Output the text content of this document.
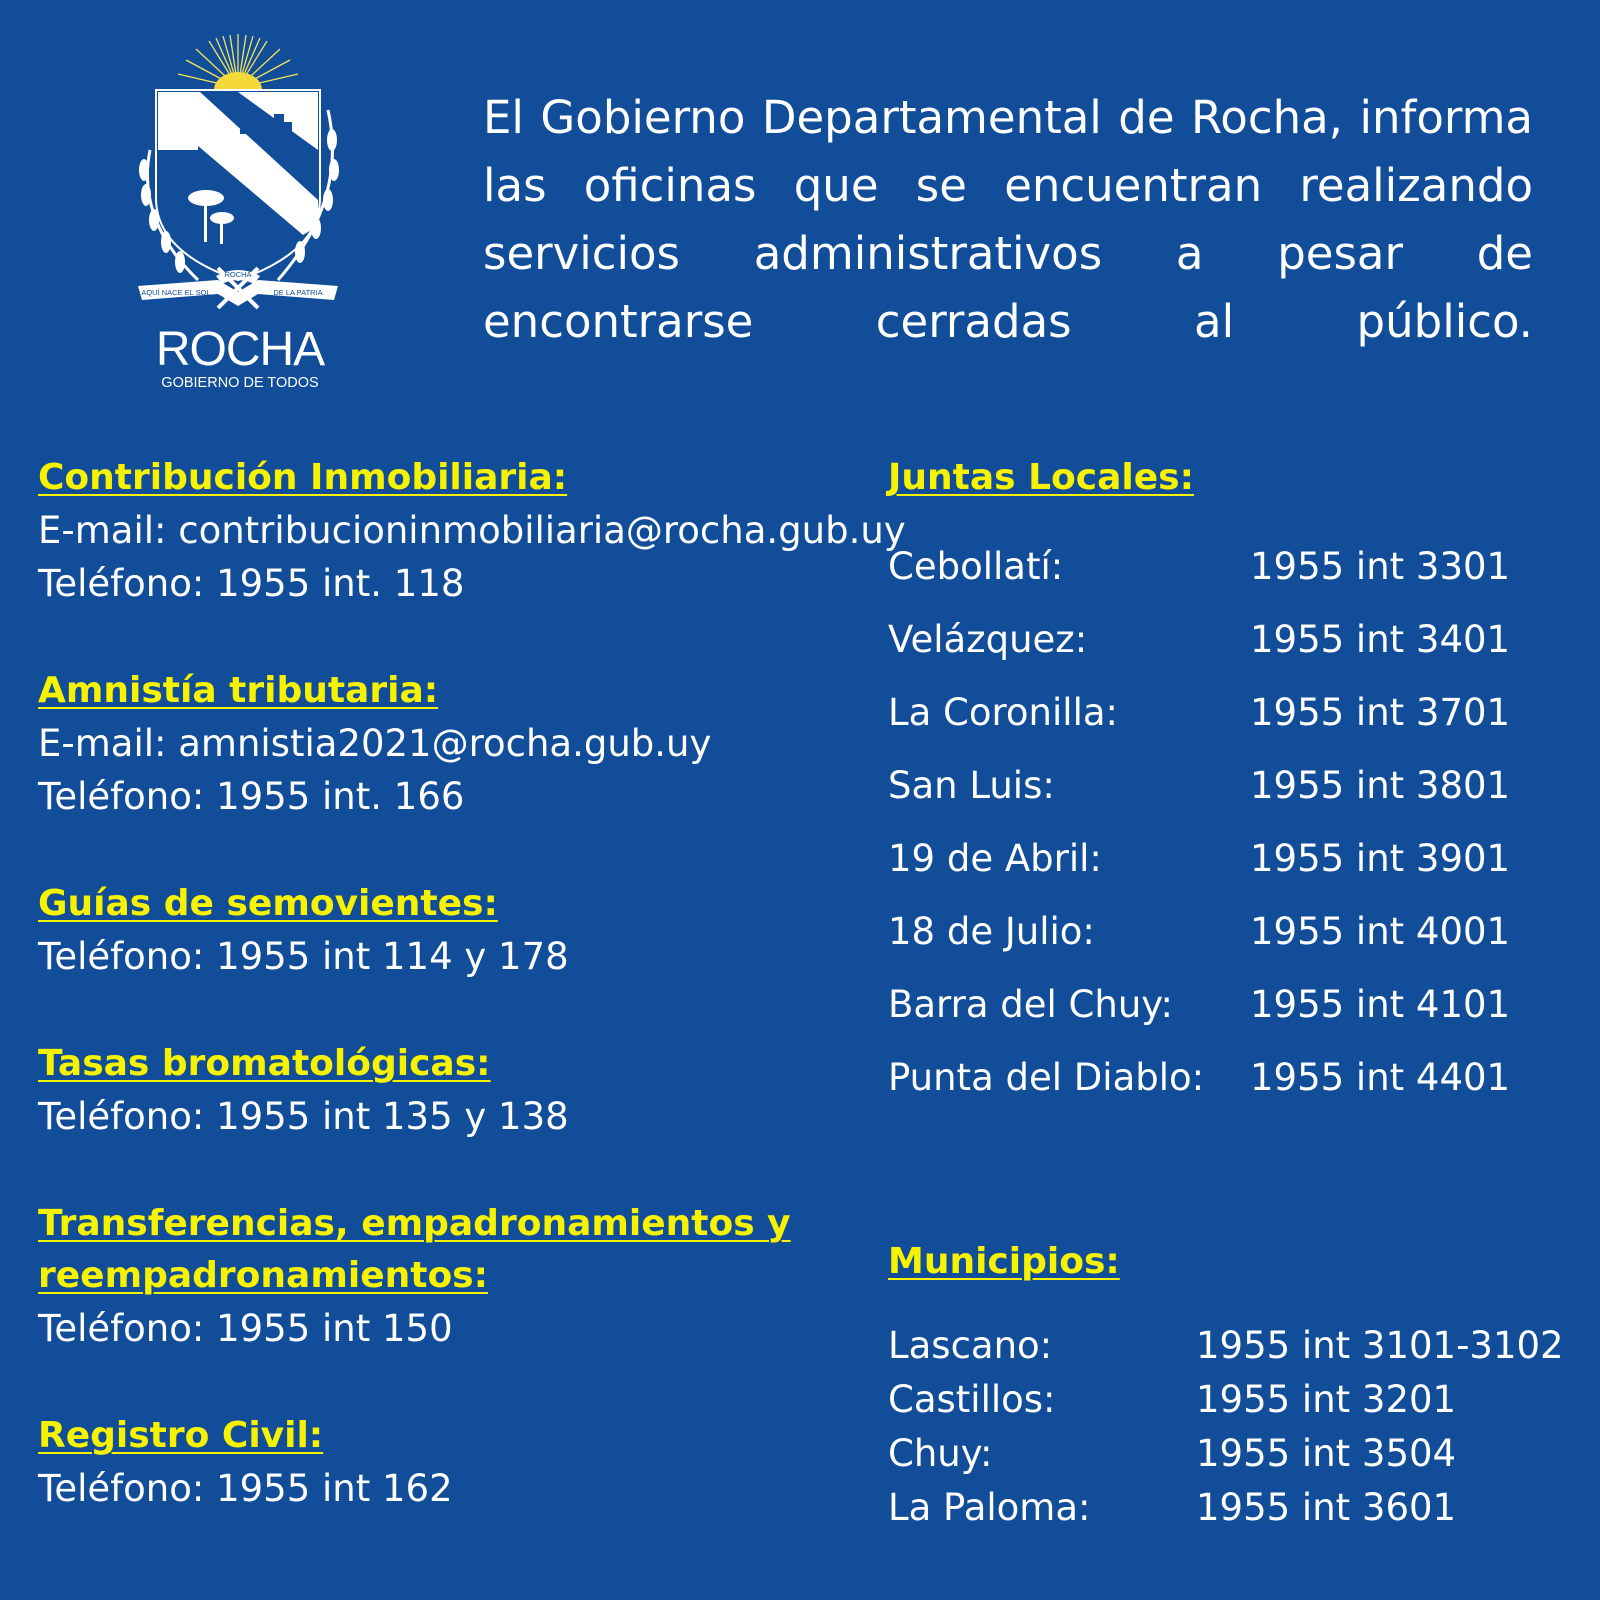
AQUÍ NACE EL SOL
ROCHA
DE LA PATRIA
ROCHA
GOBIERNO DE TODOS

El Gobierno Departamental de Rocha, informa
las oficinas que se encuentran realizando
servicios administrativos a pesar de
encontrarse cerradas al público.

Contribución Inmobiliaria:

E-mail: contribucioninmobiliaria@rocha.gub.uy

Teléfono: 1955 int. 118

Amnistía tributaria:

E-mail: amnistia2021@rocha.gub.uy

Teléfono: 1955 int. 166

Guías de semovientes:

Teléfono: 1955 int 114 y 178

Tasas bromatológicas:

Teléfono: 1955 int 135 y 138

Transferencias, empadronamientos y

reempadronamientos:

Teléfono: 1955 int 150

Registro Civil:

Teléfono: 1955 int 162

Juntas Locales:

Cebollatí:	1955 int 3301
Velázquez:	1955 int 3401
La Coronilla:	1955 int 3701
San Luis:	1955 int 3801
19 de Abril:	1955 int 3901
18 de Julio:	1955 int 4001
Barra del Chuy:	1955 int 4101
Punta del Diablo:	1955 int 4401

Municipios:

Lascano:	1955 int 3101-3102
Castillos:	1955 int 3201
Chuy:	1955 int 3504
La Paloma:	1955 int 3601
